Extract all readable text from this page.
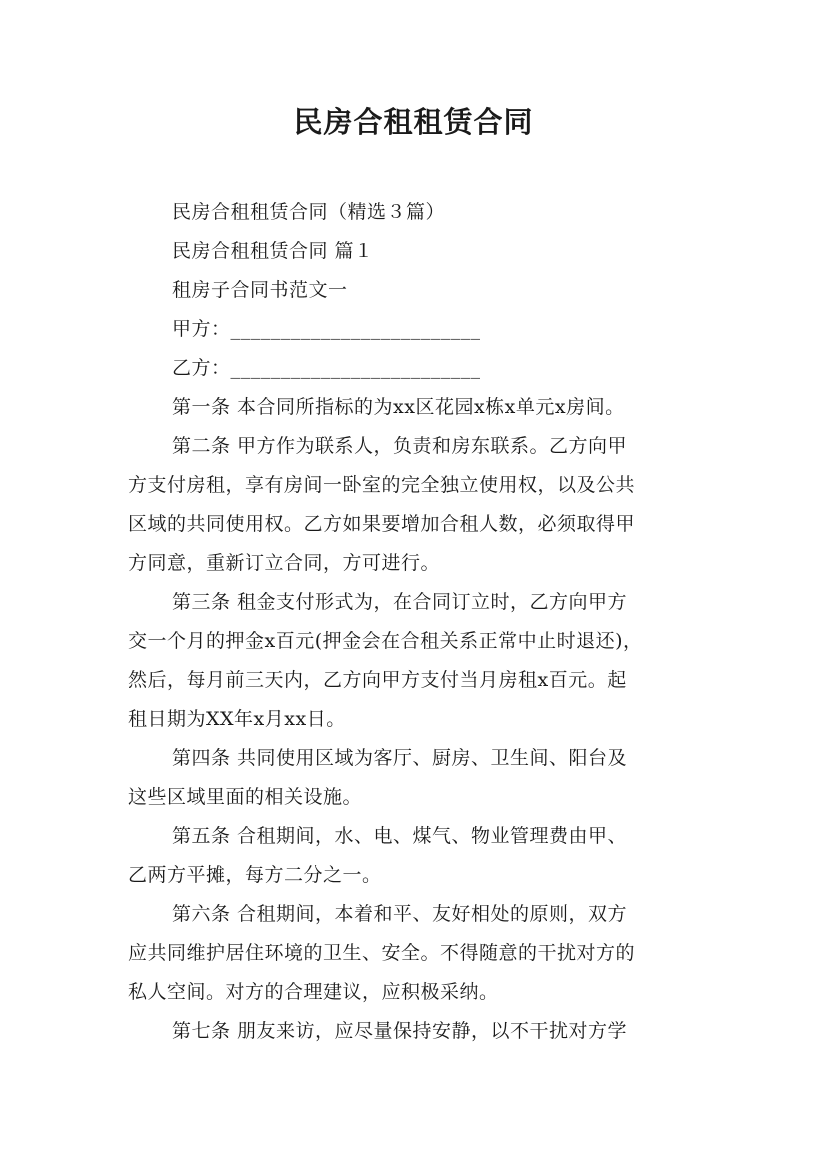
民房合租租赁合同
民房合租租赁合同（精选３篇）
民房合租租赁合同 篇１
租房子合同书范文一
甲方：_________________________
乙方：_________________________
第一条 本合同所指标的为xx区花园x栋x单元x房间。
第二条 甲方作为联系人，负责和房东联系。乙方向甲
方支付房租，享有房间一卧室的完全独立使用权，以及公共
区域的共同使用权。乙方如果要增加合租人数，必须取得甲
方同意，重新订立合同，方可进行。
第三条 租金支付形式为，在合同订立时，乙方向甲方
交一个月的押金x百元(押金会在合租关系正常中止时退还)，
然后，每月前三天内，乙方向甲方支付当月房租x百元。起
租日期为XX年x月xx日。
第四条 共同使用区域为客厅、厨房、卫生间、阳台及
这些区域里面的相关设施。
第五条 合租期间，水、电、煤气、物业管理费由甲、
乙两方平摊，每方二分之一。
第六条 合租期间，本着和平、友好相处的原则，双方
应共同维护居住环境的卫生、安全。不得随意的干扰对方的
私人空间。对方的合理建议，应积极采纳。
第七条 朋友来访，应尽量保持安静，以不干扰对方学
